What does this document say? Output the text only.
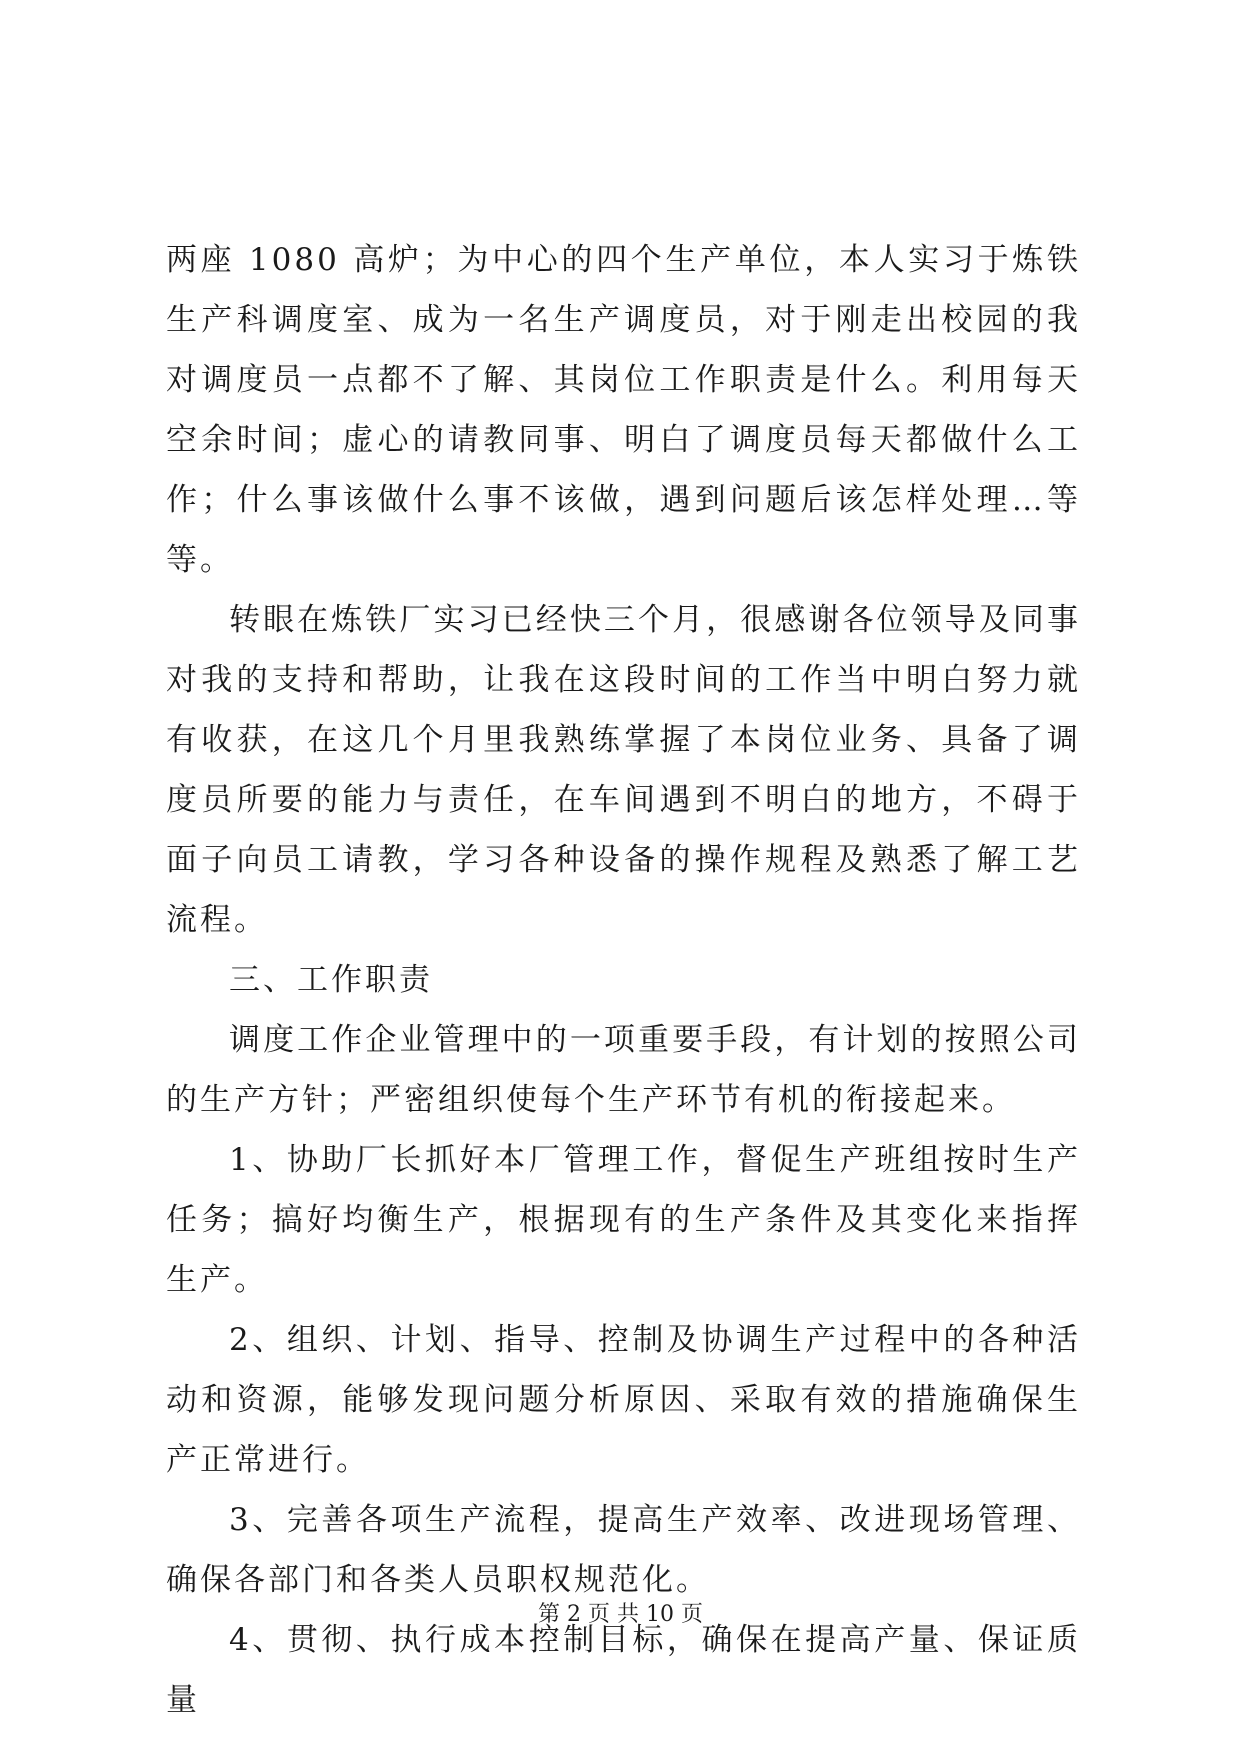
两座 1080 高炉；为中心的四个生产单位，本人实习于炼铁生产科调度室、成为一名生产调度员，对于刚走出校园的我对调度员一点都不了解、其岗位工作职责是什么。利用每天空余时间；虚心的请教同事、明白了调度员每天都做什么工作；什么事该做什么事不该做，遇到问题后该怎样处理…等等。

转眼在炼铁厂实习已经快三个月，很感谢各位领导及同事对我的支持和帮助，让我在这段时间的工作当中明白努力就有收获，在这几个月里我熟练掌握了本岗位业务、具备了调度员所要的能力与责任，在车间遇到不明白的地方，不碍于面子向员工请教，学习各种设备的操作规程及熟悉了解工艺流程。

三、工作职责

调度工作企业管理中的一项重要手段，有计划的按照公司的生产方针；严密组织使每个生产环节有机的衔接起来。

1、协助厂长抓好本厂管理工作，督促生产班组按时生产任务；搞好均衡生产，根据现有的生产条件及其变化来指挥生产。

2、组织、计划、指导、控制及协调生产过程中的各种活动和资源，能够发现问题分析原因、采取有效的措施确保生产正常进行。

3、完善各项生产流程，提高生产效率、改进现场管理、确保各部门和各类人员职权规范化。

4、贯彻、执行成本控制目标，确保在提高产量、保证质量

第 2 页 共 10 页
